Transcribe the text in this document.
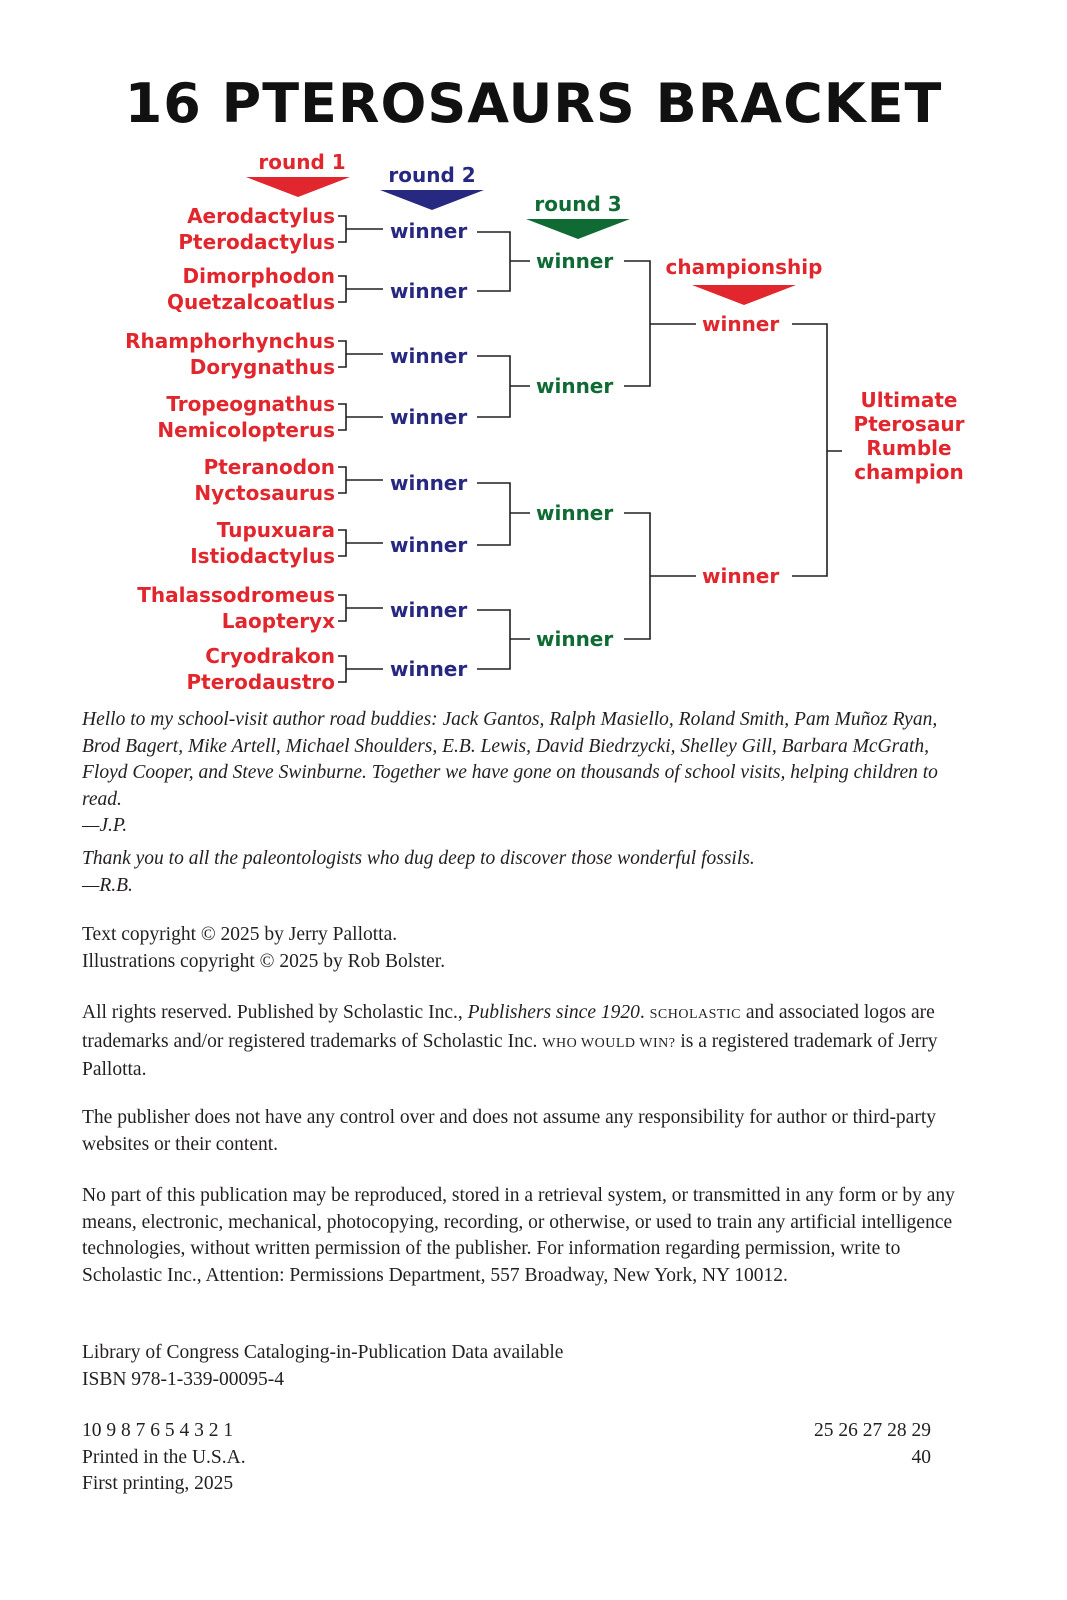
16 PTEROSAURS BRACKET
round 1
round 2
round 3
championship
Aerodactylus
Pterodactylus
Dimorphodon
Quetzalcoatlus
Rhamphorhynchus
Dorygnathus
Tropeognathus
Nemicolopterus
Pteranodon
Nyctosaurus
Tupuxuara
Istiodactylus
Thalassodromeus
Laopteryx
Cryodrakon
Pterodaustro
winner
winner
winner
winner
winner
winner
winner
winner
winner
winner
winner
winner
winner
winner
Ultimate
Pterosaur
Rumble
champion
Hello to my school-visit author road buddies: Jack Gantos, Ralph Masiello, Roland Smith, Pam Muñoz Ryan, Brod Bagert, Mike Artell, Michael Shoulders, E.B. Lewis, David Biedrzycki, Shelley Gill, Barbara McGrath, Floyd Cooper, and Steve Swinburne. Together we have gone on thousands of school visits, helping children to read.
—J.P.
Thank you to all the paleontologists who dug deep to discover those wonderful fossils.
—R.B.
Text copyright © 2025 by Jerry Pallotta.
Illustrations copyright © 2025 by Rob Bolster.

All rights reserved. Published by Scholastic Inc., Publishers since 1920. SCHOLASTIC and associated logos are trademarks and/or registered trademarks of Scholastic Inc. WHO WOULD WIN? is a registered trademark of Jerry Pallotta.

The publisher does not have any control over and does not assume any responsibility for author or third-party websites or their content.

No part of this publication may be reproduced, stored in a retrieval system, or transmitted in any form or by any means, electronic, mechanical, photocopying, recording, or otherwise, or used to train any artificial intelligence technologies, without written permission of the publisher. For information regarding permission, write to Scholastic Inc., Attention: Permissions Department, 557 Broadway, New York, NY 10012.

Library of Congress Cataloging-in-Publication Data available
ISBN 978-1-339-00095-4
10 9 8 7 6 5 4 3 2 1
Printed in the U.S.A.
First printing, 2025
25 26 27 28 29
40
